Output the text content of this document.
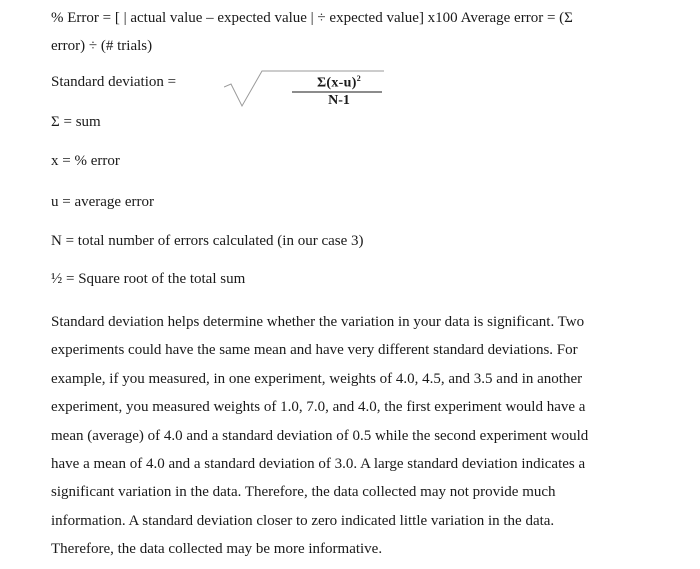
% Error = [ | actual value – expected value | ÷ expected value] x100 Average error = (Σ
error) ÷ (# trials)
Standard deviation =	$\Sigma(x-u)^2$
N-1
Σ = sum
x = % error
u = average error
N = total number of errors calculated (in our case 3)
½ = Square root of the total sum
Standard deviation helps determine whether the variation in your data is significant. Two
experiments could have the same mean and have very different standard deviations. For
example, if you measured, in one experiment, weights of 4.0, 4.5, and 3.5 and in another
experiment, you measured weights of 1.0, 7.0, and 4.0, the first experiment would have a
mean (average) of 4.0 and a standard deviation of 0.5 while the second experiment would
have a mean of 4.0 and a standard deviation of 3.0. A large standard deviation indicates a
significant variation in the data. Therefore, the data collected may not provide much
information. A standard deviation closer to zero indicated little variation in the data.
Therefore, the data collected may be more informative.
